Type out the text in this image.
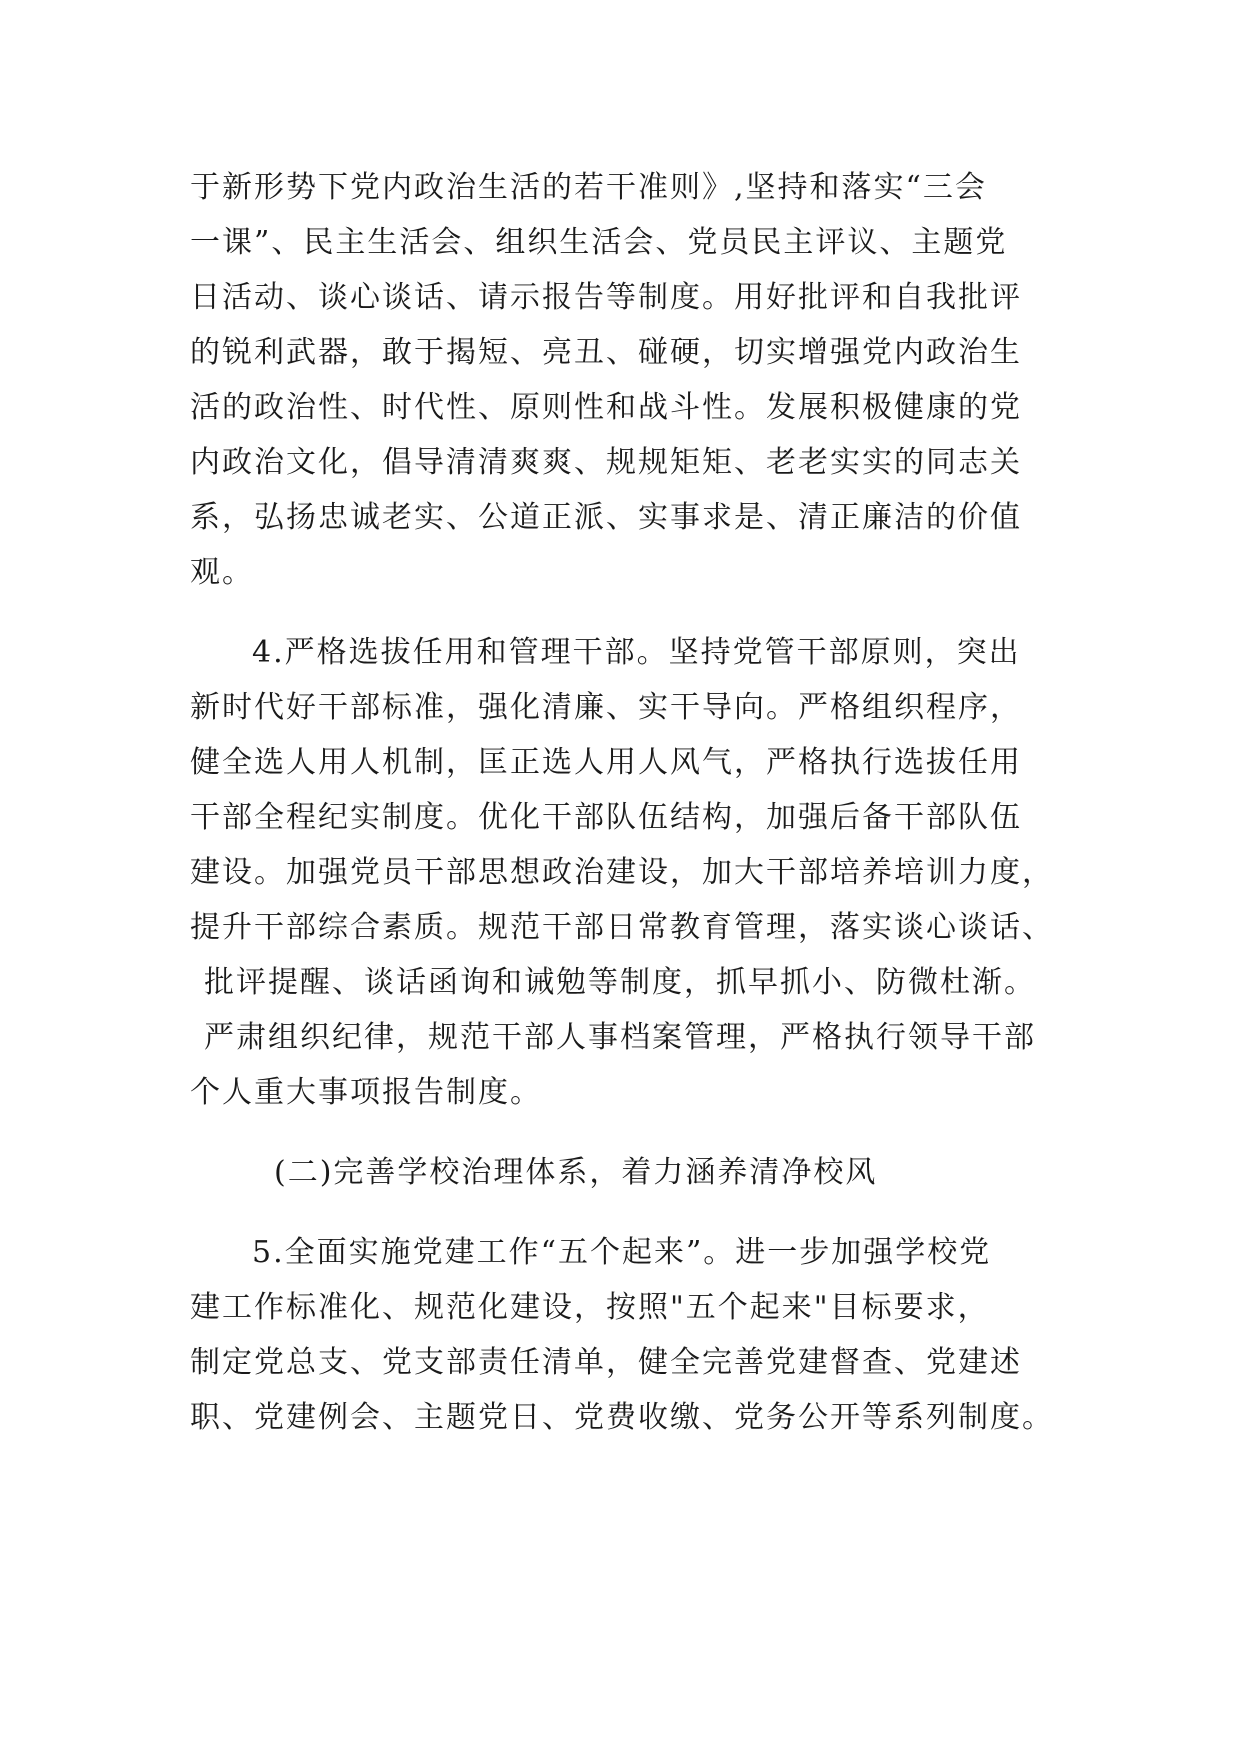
于新形势下党内政治生活的若干准则》,坚持和落实“三会
一课”、民主生活会、组织生活会、党员民主评议、主题党
日活动、谈心谈话、请示报告等制度。用好批评和自我批评
的锐利武器，敢于揭短、亮丑、碰硬，切实增强党内政治生
活的政治性、时代性、原则性和战斗性。发展积极健康的党
内政治文化，倡导清清爽爽、规规矩矩、老老实实的同志关
系，弘扬忠诚老实、公道正派、实事求是、清正廉洁的价值
观。
4.严格选拔任用和管理干部。坚持党管干部原则，突出
新时代好干部标准，强化清廉、实干导向。严格组织程序，
健全选人用人机制，匡正选人用人风气，严格执行选拔任用
干部全程纪实制度。优化干部队伍结构，加强后备干部队伍
建设。加强党员干部思想政治建设，加大干部培养培训力度，
提升干部综合素质。规范干部日常教育管理，落实谈心谈话、
批评提醒、谈话函询和诫勉等制度，抓早抓小、防微杜渐。
严肃组织纪律，规范干部人事档案管理，严格执行领导干部
个人重大事项报告制度。
(二)完善学校治理体系，着力涵养清净校风
5.全面实施党建工作“五个起来”。进一步加强学校党
建工作标准化、规范化建设，按照"五个起来"目标要求，
制定党总支、党支部责任清单，健全完善党建督查、党建述
职、党建例会、主题党日、党费收缴、党务公开等系列制度。
